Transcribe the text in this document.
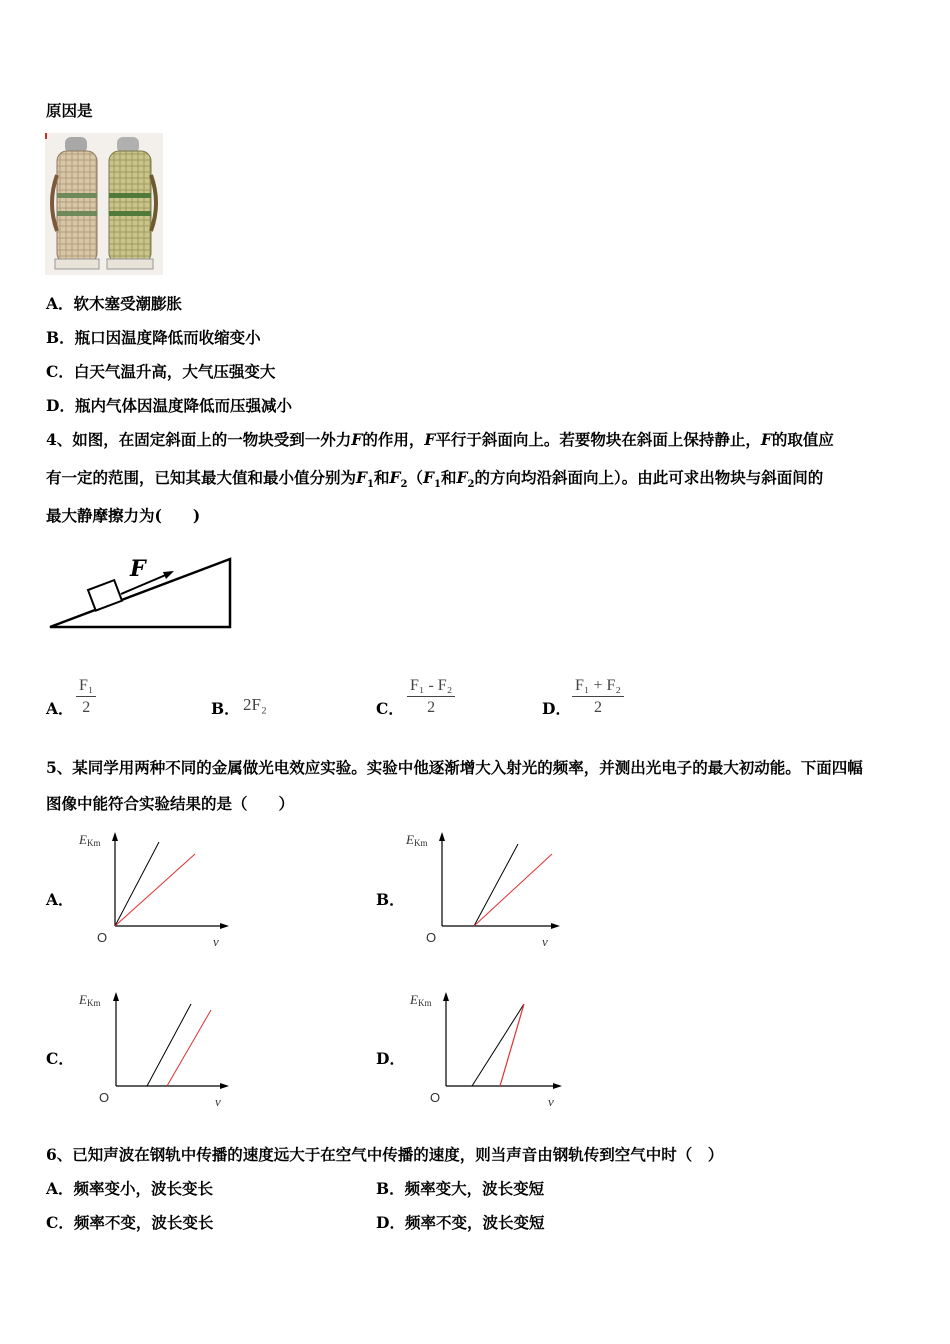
原因是
A．软木塞受潮膨胀
B．瓶口因温度降低而收缩变小
C．白天气温升高，大气压强变大
D．瓶内气体因温度降低而压强减小
4、如图，在固定斜面上的一物块受到一外力F的作用，F平行于斜面向上。若要物块在斜面上保持静止，F的取值应
有一定的范围，已知其最大值和最小值分别为$F_1$和$F_2(F_1$和$F_2$的方向均沿斜面向上）。由此可求出物块与斜面间的
最大静摩擦力为(　　)
F
A． $\frac{\text{F₁}}{2}$	B． 2F₂	C． $\frac{\text{F₁ - F₂}}{2}$	D． $\frac{\text{F₁ + F₂}}{2}$
5、某同学用两种不同的金属做光电效应实验。实验中他逐渐增大入射光的频率，并测出光电子的最大初动能。下面四幅
图像中能符合实验结果的是（　　）
A．
EKm
O	ν
B．
EKm
O	ν
C．
EKm
O	ν
D．
EKm
O	ν
6、已知声波在钢轨中传播的速度远大于在空气中传播的速度，则当声音由钢轨传到空气中时（　）
A．频率变小，波长变长	B．频率变大，波长变短
C．频率不变，波长变长	D．频率不变，波长变短
